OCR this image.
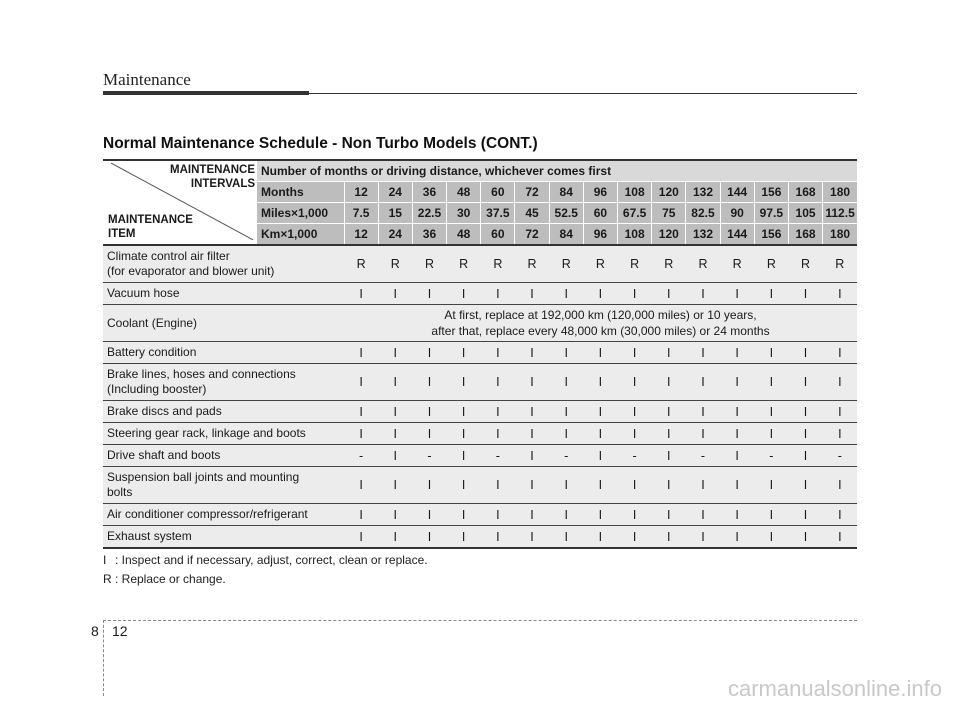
Maintenance
Normal Maintenance Schedule - Non Turbo Models (CONT.)
MAINTENANCE
INTERVALS
MAINTENANCE
ITEM	Number of months or driving distance, whichever comes first															
	Months	12	24	36	48	60	72	84	96	108	120	132	144	156	168	180
	Miles×1,000	7.5	15	22.5	30	37.5	45	52.5	60	67.5	75	82.5	90	97.5	105	112.5
	Km×1,000	12	24	36	48	60	72	84	96	108	120	132	144	156	168	180

Climate control air filter
(for evaporator and blower unit)		R	R	R	R	R	R	R	R	R	R	R	R	R	R	R

Vacuum hose		I	I	I	I	I	I	I	I	I	I	I	I	I	I	I

Coolant (Engine)		At first, replace at 192,000 km (120,000 miles) or 10 years,
after that, replace every 48,000 km (30,000 miles) or 24 months														

Battery condition		I	I	I	I	I	I	I	I	I	I	I	I	I	I	I

Brake lines, hoses and connections
(Including booster)		I	I	I	I	I	I	I	I	I	I	I	I	I	I	I

Brake discs and pads		I	I	I	I	I	I	I	I	I	I	I	I	I	I	I

Steering gear rack, linkage and boots		I	I	I	I	I	I	I	I	I	I	I	I	I	I	I

Drive shaft and boots		-	I	-	I	-	I	-	I	-	I	-	I	-	I	-

Suspension ball joints and mounting
bolts		I	I	I	I	I	I	I	I	I	I	I	I	I	I	I

Air conditioner compressor/refrigerant		I	I	I	I	I	I	I	I	I	I	I	I	I	I	I

Exhaust system		I	I	I	I	I	I	I	I	I	I	I	I	I	I	I
I : Inspect and if necessary, adjust, correct, clean or replace.
R : Replace or change.
8 12
carmanualsonline.info
